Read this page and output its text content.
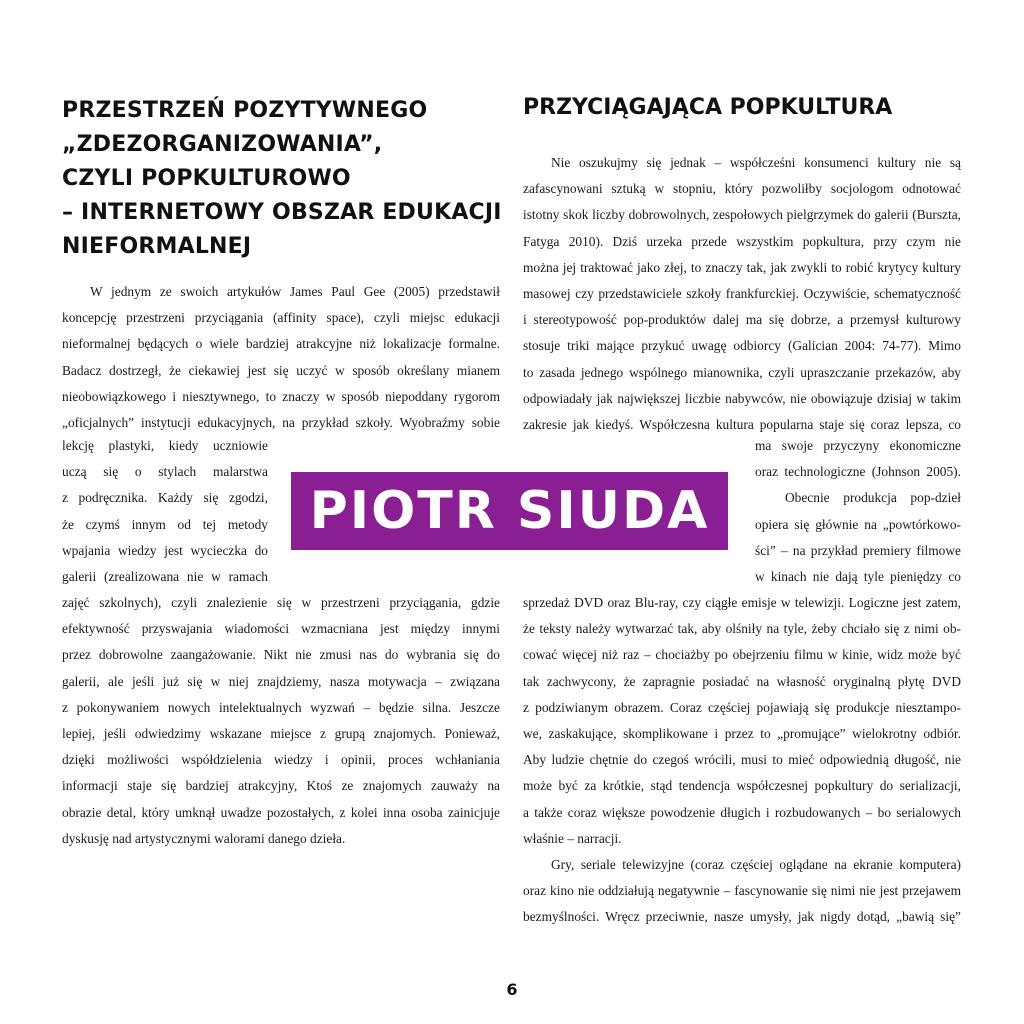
PRZESTRZEŃ POZYTYWNEGO
„ZDEZORGANIZOWANIA”,
CZYLI POPKULTUROWO
– INTERNETOWY OBSZAR EDUKACJI
NIEFORMALNEJ
PRZYCIĄGAJĄCA POPKULTURA
W jednym ze swoich artykułów James Paul Gee (2005) przedstawił
koncepcję przestrzeni przyciągania (affinity space), czyli miejsc edukacji
nieformalnej będących o wiele bardziej atrakcyjne niż lokalizacje formalne.
Badacz dostrzegł, że ciekawiej jest się uczyć w sposób określany mianem
nieobowiązkowego i niesztywnego, to znaczy w sposób niepoddany rygorom
„oficjalnych” instytucji edukacyjnych, na przykład szkoły. Wyobraźmy sobie
lekcję plastyki, kiedy uczniowie
uczą się o stylach malarstwa
z podręcznika. Każdy się zgodzi,
że czymś innym od tej metody
wpajania wiedzy jest wycieczka do
galerii (zrealizowana nie w ramach
zajęć szkolnych), czyli znalezienie się w przestrzeni przyciągania, gdzie
efektywność przyswajania wiadomości wzmacniana jest między innymi
przez dobrowolne zaangażowanie. Nikt nie zmusi nas do wybrania się do
galerii, ale jeśli już się w niej znajdziemy, nasza motywacja – związana
z pokonywaniem nowych intelektualnych wyzwań – będzie silna. Jeszcze
lepiej, jeśli odwiedzimy wskazane miejsce z grupą znajomych. Ponieważ,
dzięki możliwości współdzielenia wiedzy i opinii, proces wchłaniania
informacji staje się bardziej atrakcyjny, Ktoś ze znajomych zauważy na
obrazie detal, który umknął uwadze pozostałych, z kolei inna osoba zainicjuje
dyskusję nad artystycznymi walorami danego dzieła.
Nie oszukujmy się jednak – współcześni konsumenci kultury nie są
zafascynowani sztuką w stopniu, który pozwoliłby socjologom odnotować
istotny skok liczby dobrowolnych, zespołowych pielgrzymek do galerii (Burszta,
Fatyga 2010). Dziś urzeka przede wszystkim popkultura, przy czym nie
można jej traktować jako złej, to znaczy tak, jak zwykli to robić krytycy kultury
masowej czy przedstawiciele szkoły frankfurckiej. Oczywiście, schematyczność
i stereotypowość pop-produktów dalej ma się dobrze, a przemysł kulturowy
stosuje triki mające przykuć uwagę odbiorcy (Galician 2004: 74-77). Mimo
to zasada jednego wspólnego mianownika, czyli upraszczanie przekazów, aby
odpowiadały jak największej liczbie nabywców, nie obowiązuje dzisiaj w takim
zakresie jak kiedyś. Współczesna kultura popularna staje się coraz lepsza, co
ma swoje przyczyny ekonomiczne
oraz technologiczne (Johnson 2005).
Obecnie produkcja pop-dzieł
opiera się głównie na „powtórkowo-
ści” – na przykład premiery filmowe
w kinach nie dają tyle pieniędzy co
sprzedaż DVD oraz Blu-ray, czy ciągłe emisje w telewizji. Logiczne jest zatem,
że teksty należy wytwarzać tak, aby olśniły na tyle, żeby chciało się z nimi ob-
cować więcej niż raz – chociażby po obejrzeniu filmu w kinie, widz może być
tak zachwycony, że zapragnie posiadać na własność oryginalną płytę DVD
z podziwianym obrazem. Coraz częściej pojawiają się produkcje niesztampo-
we, zaskakujące, skomplikowane i przez to „promujące” wielokrotny odbiór.
Aby ludzie chętnie do czegoś wrócili, musi to mieć odpowiednią długość, nie
może być za krótkie, stąd tendencja współczesnej popkultury do serializacji,
a także coraz większe powodzenie długich i rozbudowanych – bo serialowych
właśnie – narracji.
Gry, seriale telewizyjne (coraz częściej oglądane na ekranie komputera)
oraz kino nie oddziałują negatywnie – fascynowanie się nimi nie jest przejawem
bezmyślności. Wręcz przeciwnie, nasze umysły, jak nigdy dotąd, „bawią się”
PIOTR SIUDA
6
